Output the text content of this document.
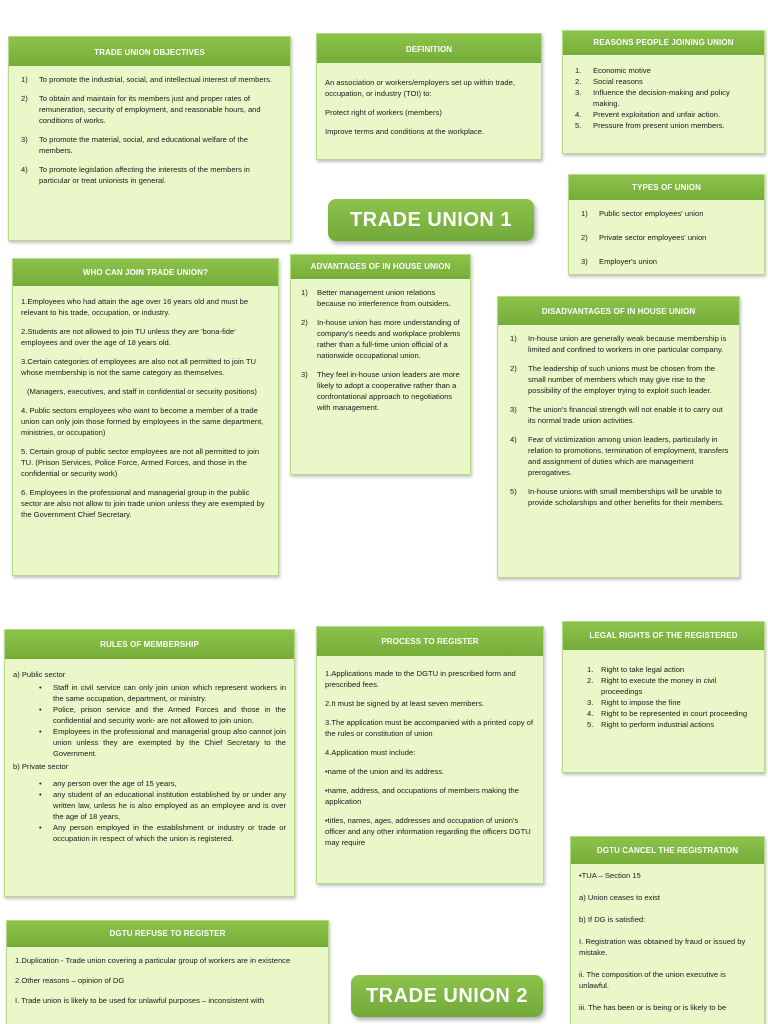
TRADE UNION OBJECTIVES
1) To promote the industrial, social, and intellectual interest of members.
2) To obtain and maintain for its members just and proper rates of remuneration, security of employment, and reasonable hours, and conditions of works.
3) To promote the material, social, and educational welfare of the members.
4) To promote legislation affecting the interests of the members in particular or treat unionists in general.
DEFINITION

An association or workers/employers set up within trade, occupation, or industry (TOI) to:

Protect right of workers (members)

Improve terms and conditions at the workplace.

REASONS PEOPLE JOINING UNION
1. Economic motive
2. Social reasons
3. Influence the decision-making and policy making.
4. Prevent exploitation and unfair action.
5. Pressure from present union members.
TYPES OF UNION
1) Public sector employees' union
2) Private sector employees' union
3) Employer's union
TRADE UNION 1
WHO CAN JOIN TRADE UNION?

1.Employees who had attain the age over 16 years old and must be relevant to his trade, occupation, or industry.

2.Students are not allowed to join TU unless they are 'bona-fide' employees and over the age of 18 years old.

3.Certain categories of employees are also not all permitted to join TU whose membership is not the same category as themselves.

(Managers, executives, and staff in confidential or security positions)

4. Public sectors employees who want to become a member of a trade union can only join those formed by employees in the same department, ministries, or occupation)

5. Certain group of public sector employees are not all permitted to join TU. (Prison Services, Police Force, Armed Forces, and those in the confidential or security work)

6. Employees in the professional and managerial group in the public sector are also not allow to join trade union unless they are exempted by the Government Chief Secretary.

ADVANTAGES OF IN HOUSE UNION
1) Better management union relations because no interference from outsiders.
2) In-house union has more understanding of company's needs and workplace problems rather than a full-time union official of a nationwide occupational union.
3) They feel in-house union leaders are more likely to adopt a cooperative rather than a confrontational approach to negotiations with management.
DISADVANTAGES OF IN HOUSE UNION
1) In-house union are generally weak because membership is limited and confined to workers in one particular company.
2) The leadership of such unions must be chosen from the small number of members which may give rise to the possibility of the employer trying to exploit such leader.
3) The union's financial strength will not enable it to carry out its normal trade union activities.
4) Fear of victimization among union leaders, particularly in relation to promotions, termination of employment, transfers and assignment of duties which are management prerogatives.
5) In-house unions with small memberships will be unable to provide scholarships and other benefits for their members.
RULES OF MEMBERSHIP
a) Public sector
• Staff in civil service can only join union which represent workers in the same occupation, department, or ministry.
• Police, prison service and the Armed Forces and those in the confidential and security work- are not allowed to join union.
• Employees in the professional and managerial group also cannot join union unless they are exempted by the Chief Secretary to the Government.
b) Private sector
• any person over the age of 15 years,
• any student of an educational institution established by or under any written law, unless he is also employed as an employee and is over the age of 18 years,
• Any person employed in the establishment or industry or trade or occupation in respect of which the union is registered.
PROCESS TO REGISTER

1.Applications made to the DGTU in prescribed form and prescribed fees.

2.It must be signed by at least seven members.

3.The application must be accompanied with a printed copy of the rules or constitution of union

4.Application must include:

•name of the union and its address.

•name, address, and occupations of members making the application

•titles, names, ages, addresses and occupation of union's officer and any other information regarding the officers DGTU may require

LEGAL RIGHTS OF THE REGISTERED
1. Right to take legal action
2. Right to execute the money in civil proceedings
3. Right to impose the fine
4. Right to be represented in court proceeding
5. Right to perform industrial actions
DGTU CANCEL THE REGISTRATION

•TUA – Section 15

a) Union ceases to exist

b) If DG is satisfied:

I. Registration was obtained by fraud or issued by mistake.

ii. The composition of the union executive is unlawful.

iii. The has been or is being or is likely to be

DGTU REFUSE TO REGISTER

1.Duplication - Trade union covering a particular group of workers are in existence

2.Other reasons – opinion of DG

I. Trade union is likely to be used for unlawful purposes – inconsistent with	TRADE UNION 2
